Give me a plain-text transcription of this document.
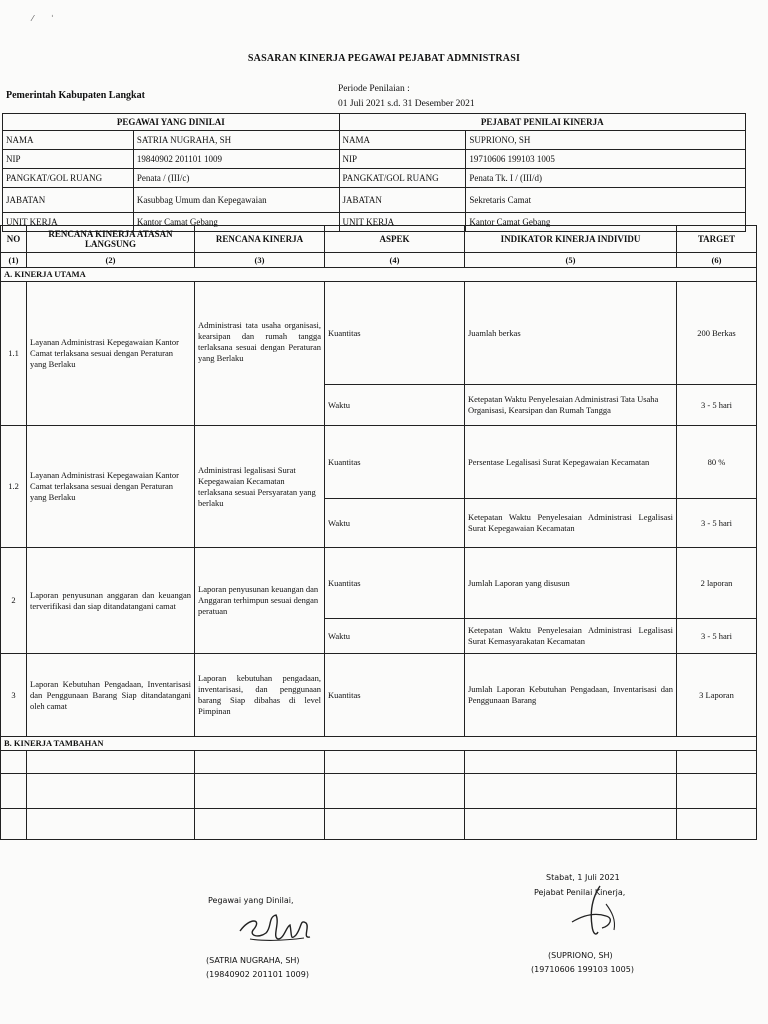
⁄       ˈ
SASARAN KINERJA PEGAWAI PEJABAT ADMNISTRASI
Pemerintah Kabupaten Langkat
Periode Penilaian :
01 Juli 2021 s.d. 31 Desember 2021
PEGAWAI YANG DINILAI		PEJABAT PENILAI KINERJA	
NAMA	SATRIA NUGRAHA, SH	NAMA	SUPRIONO, SH
NIP	19840902 201101 1009	NIP	19710606 199103 1005
PANGKAT/GOL RUANG	Penata / (III/c)	PANGKAT/GOL RUANG	Penata Tk. I / (III/d)
JABATAN	Kasubbag Umum dan Kepegawaian	JABATAN	Sekretaris Camat
UNIT KERJA	Kantor Camat Gebang	UNIT KERJA	Kantor Camat Gebang
NO	RENCANA KINERJA ATASAN LANGSUNG	RENCANA KINERJA	ASPEK	INDIKATOR KINERJA INDIVIDU	TARGET
(1)	(2)	(3)	(4)	(5)	(6)
A. KINERJA UTAMA					
1.1	Layanan Administrasi Kepegawaian Kantor Camat terlaksana sesuai dengan Peraturan yang Berlaku	Administrasi tata usaha organisasi, kearsipan dan rumah tangga terlaksana sesuai dengan Peraturan yang Berlaku	Kuantitas	Juamlah berkas	200 Berkas
			Waktu	Ketepatan Waktu Penyelesaian Administrasi Tata Usaha Organisasi, Kearsipan dan Rumah Tangga	3 - 5 hari
1.2	Layanan Administrasi Kepegawaian Kantor Camat terlaksana sesuai dengan Peraturan yang Berlaku	Administrasi legalisasi Surat Kepegawaian Kecamatan terlaksana sesuai Persyaratan yang berlaku	Kuantitas	Persentase Legalisasi Surat Kepegawaian Kecamatan	80 %
			Waktu	Ketepatan Waktu Penyelesaian Administrasi Legalisasi Surat Kepegawaian Kecamatan	3 - 5 hari
2	Laporan penyusunan anggaran dan keuangan terverifikasi dan siap ditandatangani camat	Laporan penyusunan keuangan dan Anggaran terhimpun sesuai dengan peratuan	Kuantitas	Jumlah Laporan yang disusun	2 laporan
			Waktu	Ketepatan Waktu Penyelesaian Administrasi Legalisasi Surat Kemasyarakatan Kecamatan	3 - 5 hari
3	Laporan Kebutuhan Pengadaan, Inventarisasi dan Penggunaan Barang Siap ditandatangani oleh camat	Laporan kebutuhan pengadaan, inventarisasi, dan penggunaan barang Siap dibahas di level Pimpinan	Kuantitas	Jumlah Laporan Kebutuhan Pengadaan, Inventarisasi dan Penggunaan Barang	3 Laporan
B. KINERJA TAMBAHAN					

Pegawai yang Dinilai,
(SATRIA NUGRAHA, SH)
(19840902 201101 1009)
Stabat, 1 Juli 2021
Pejabat Penilai Kinerja,
(SUPRIONO, SH)
(19710606 199103 1005)
